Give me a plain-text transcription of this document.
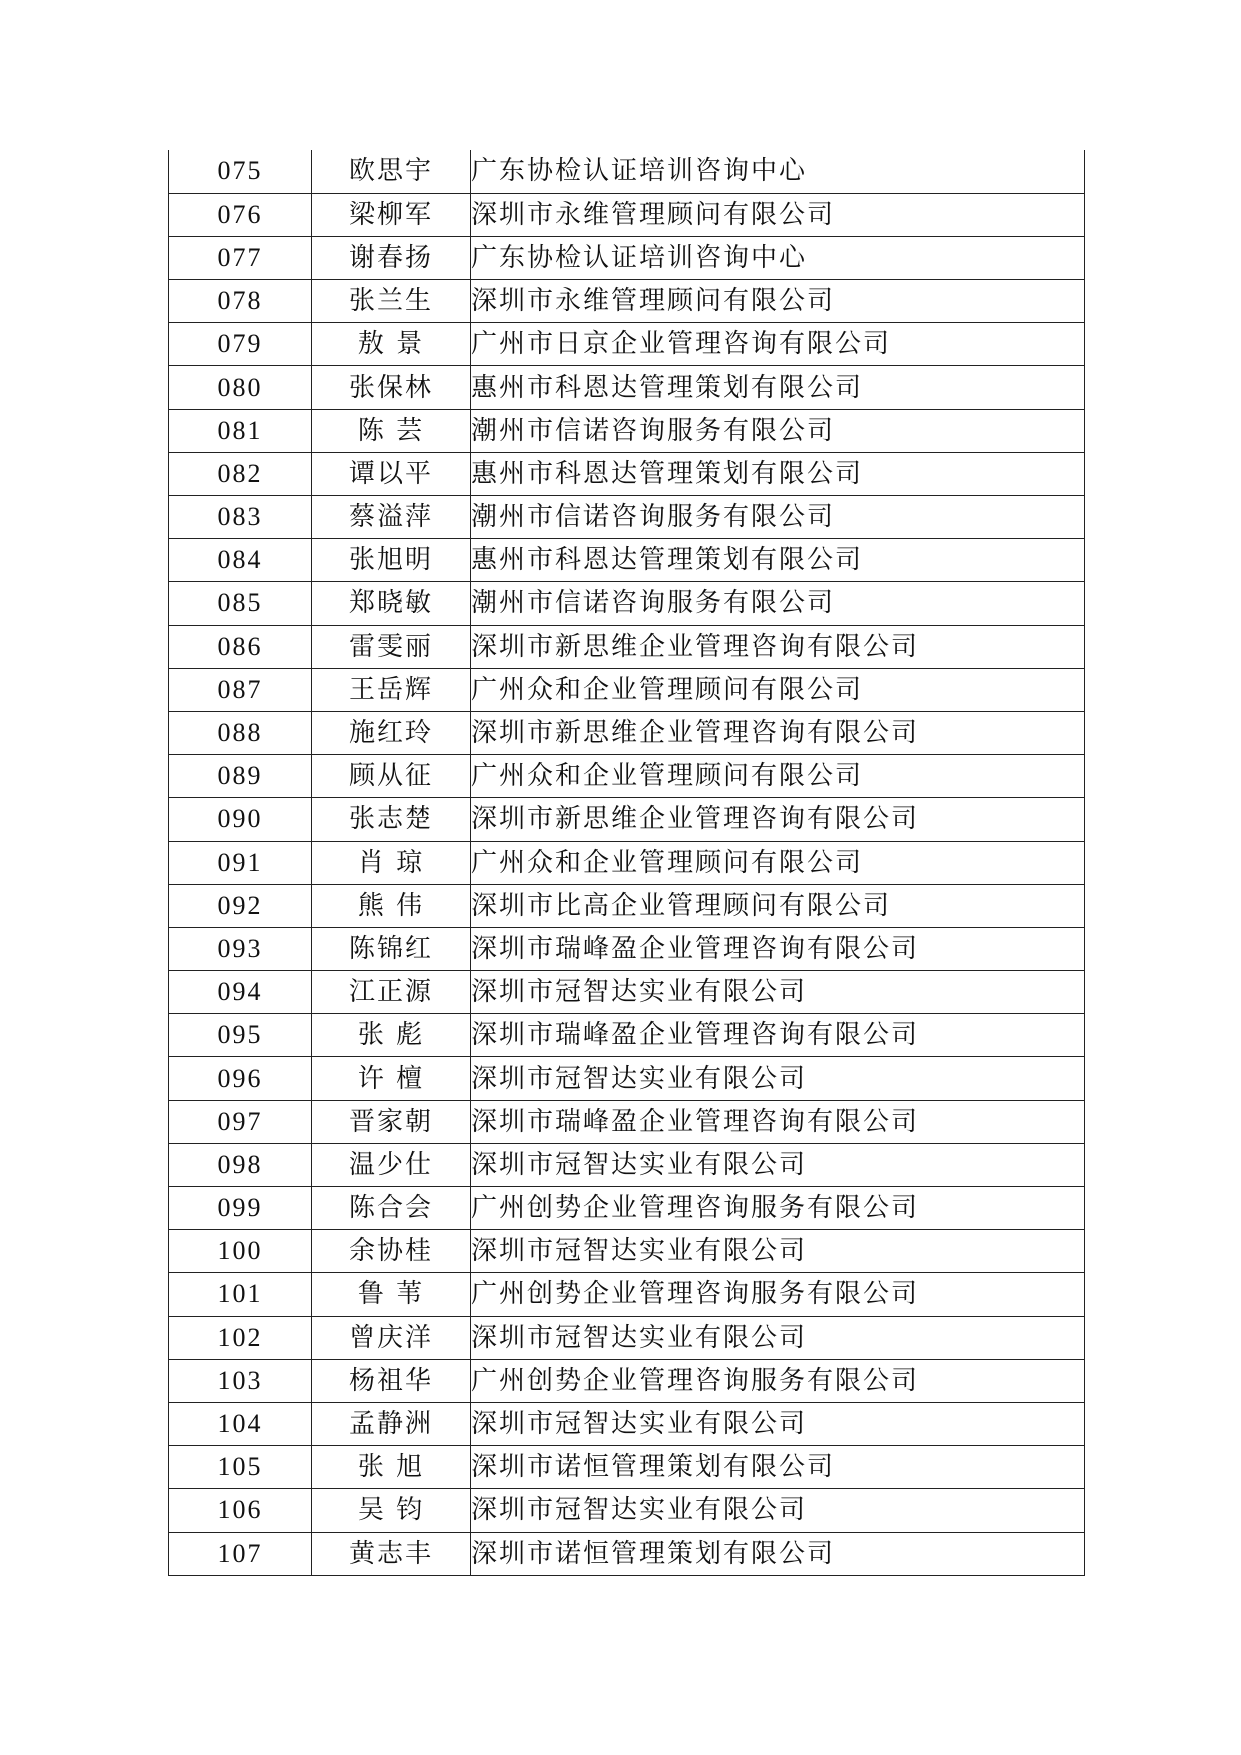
075	欧思宇	广东协检认证培训咨询中心
076	梁柳军	深圳市永维管理顾问有限公司
077	谢春扬	广东协检认证培训咨询中心
078	张兰生	深圳市永维管理顾问有限公司
079	敖 景	广州市日京企业管理咨询有限公司
080	张保林	惠州市科恩达管理策划有限公司
081	陈 芸	潮州市信诺咨询服务有限公司
082	谭以平	惠州市科恩达管理策划有限公司
083	蔡溢萍	潮州市信诺咨询服务有限公司
084	张旭明	惠州市科恩达管理策划有限公司
085	郑晓敏	潮州市信诺咨询服务有限公司
086	雷雯丽	深圳市新思维企业管理咨询有限公司
087	王岳辉	广州众和企业管理顾问有限公司
088	施红玲	深圳市新思维企业管理咨询有限公司
089	顾从征	广州众和企业管理顾问有限公司
090	张志楚	深圳市新思维企业管理咨询有限公司
091	肖 琼	广州众和企业管理顾问有限公司
092	熊 伟	深圳市比高企业管理顾问有限公司
093	陈锦红	深圳市瑞峰盈企业管理咨询有限公司
094	江正源	深圳市冠智达实业有限公司
095	张 彪	深圳市瑞峰盈企业管理咨询有限公司
096	许 檀	深圳市冠智达实业有限公司
097	晋家朝	深圳市瑞峰盈企业管理咨询有限公司
098	温少仕	深圳市冠智达实业有限公司
099	陈合会	广州创势企业管理咨询服务有限公司
100	余协桂	深圳市冠智达实业有限公司
101	鲁 苇	广州创势企业管理咨询服务有限公司
102	曾庆洋	深圳市冠智达实业有限公司
103	杨祖华	广州创势企业管理咨询服务有限公司
104	孟静洲	深圳市冠智达实业有限公司
105	张 旭	深圳市诺恒管理策划有限公司
106	吴 钧	深圳市冠智达实业有限公司
107	黄志丰	深圳市诺恒管理策划有限公司
